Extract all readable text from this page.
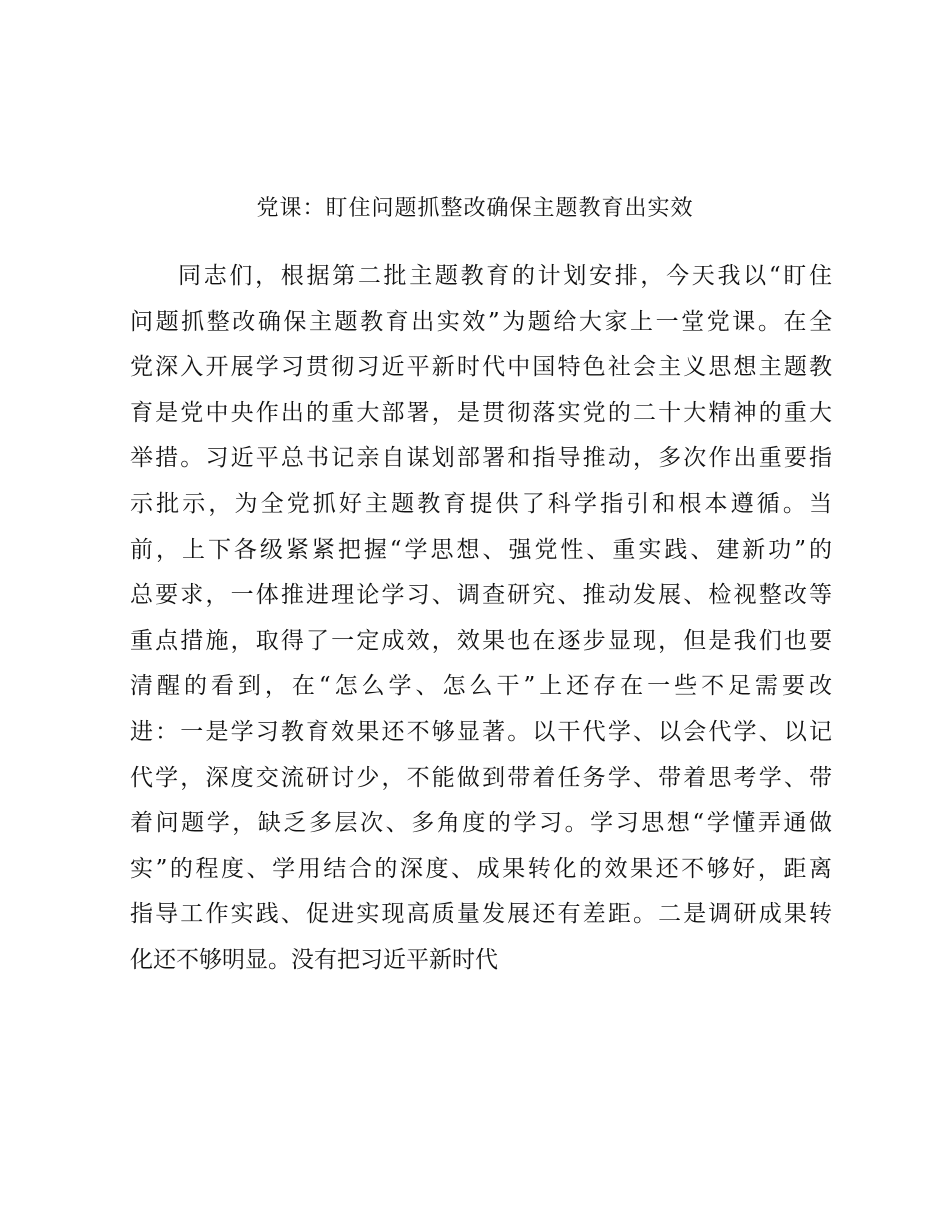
党课：盯住问题抓整改确保主题教育出实效
同志们，根据第二批主题教育的计划安排，今天我以“盯住
问题抓整改确保主题教育出实效”为题给大家上一堂党课。在全
党深入开展学习贯彻习近平新时代中国特色社会主义思想主题教
育是党中央作出的重大部署，是贯彻落实党的二十大精神的重大
举措。习近平总书记亲自谋划部署和指导推动，多次作出重要指
示批示，为全党抓好主题教育提供了科学指引和根本遵循。当
前，上下各级紧紧把握“学思想、强党性、重实践、建新功”的
总要求，一体推进理论学习、调查研究、推动发展、检视整改等
重点措施，取得了一定成效，效果也在逐步显现，但是我们也要
清醒的看到，在“怎么学、怎么干”上还存在一些不足需要改
进：一是学习教育效果还不够显著。以干代学、以会代学、以记
代学，深度交流研讨少，不能做到带着任务学、带着思考学、带
着问题学，缺乏多层次、多角度的学习。学习思想“学懂弄通做
实”的程度、学用结合的深度、成果转化的效果还不够好，距离
指导工作实践、促进实现高质量发展还有差距。二是调研成果转
化还不够明显。没有把习近平新时代
